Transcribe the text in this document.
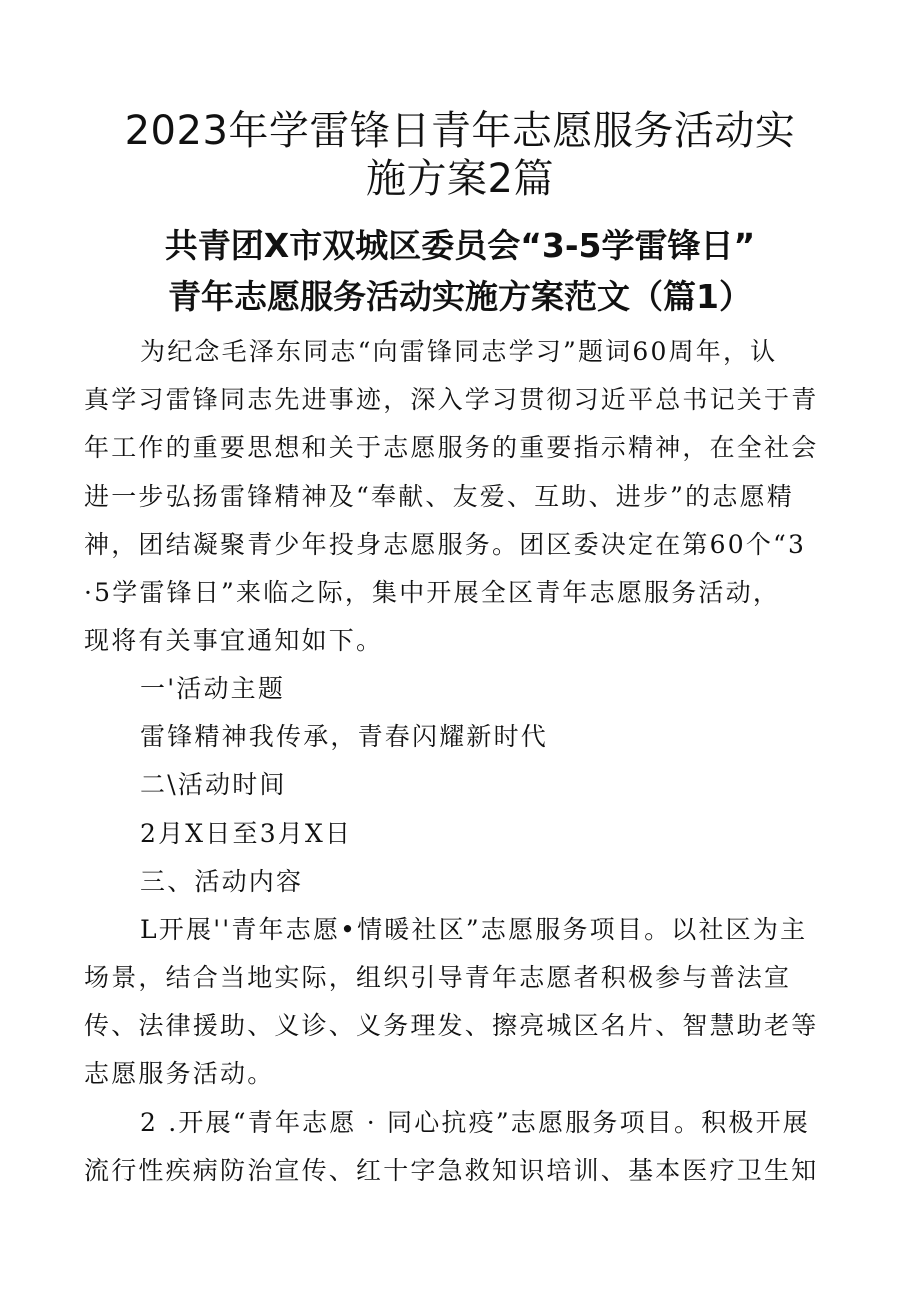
2023年学雷锋日青年志愿服务活动实
施方案2篇
共青团X市双城区委员会“3-5学雷锋日”
青年志愿服务活动实施方案范文（篇1）
为纪念毛泽东同志“向雷锋同志学习”题词60周年，认
真学习雷锋同志先进事迹，深入学习贯彻习近平总书记关于青
年工作的重要思想和关于志愿服务的重要指示精神，在全社会
进一步弘扬雷锋精神及“奉献、友爱、互助、进步”的志愿精
神，团结凝聚青少年投身志愿服务。团区委决定在第60个“3
·5学雷锋日”来临之际，集中开展全区青年志愿服务活动，
现将有关事宜通知如下。
一'活动主题
雷锋精神我传承，青春闪耀新时代
二\活动时间
2月X日至3月X日
三、活动内容
L开展''青年志愿•情暖社区”志愿服务项目。以社区为主
场景，结合当地实际，组织引导青年志愿者积极参与普法宣
传、法律援助、义诊、义务理发、擦亮城区名片、智慧助老等
志愿服务活动。
2 .开展“青年志愿 · 同心抗疫”志愿服务项目。积极开展
流行性疾病防治宣传、红十字急救知识培训、基本医疗卫生知
